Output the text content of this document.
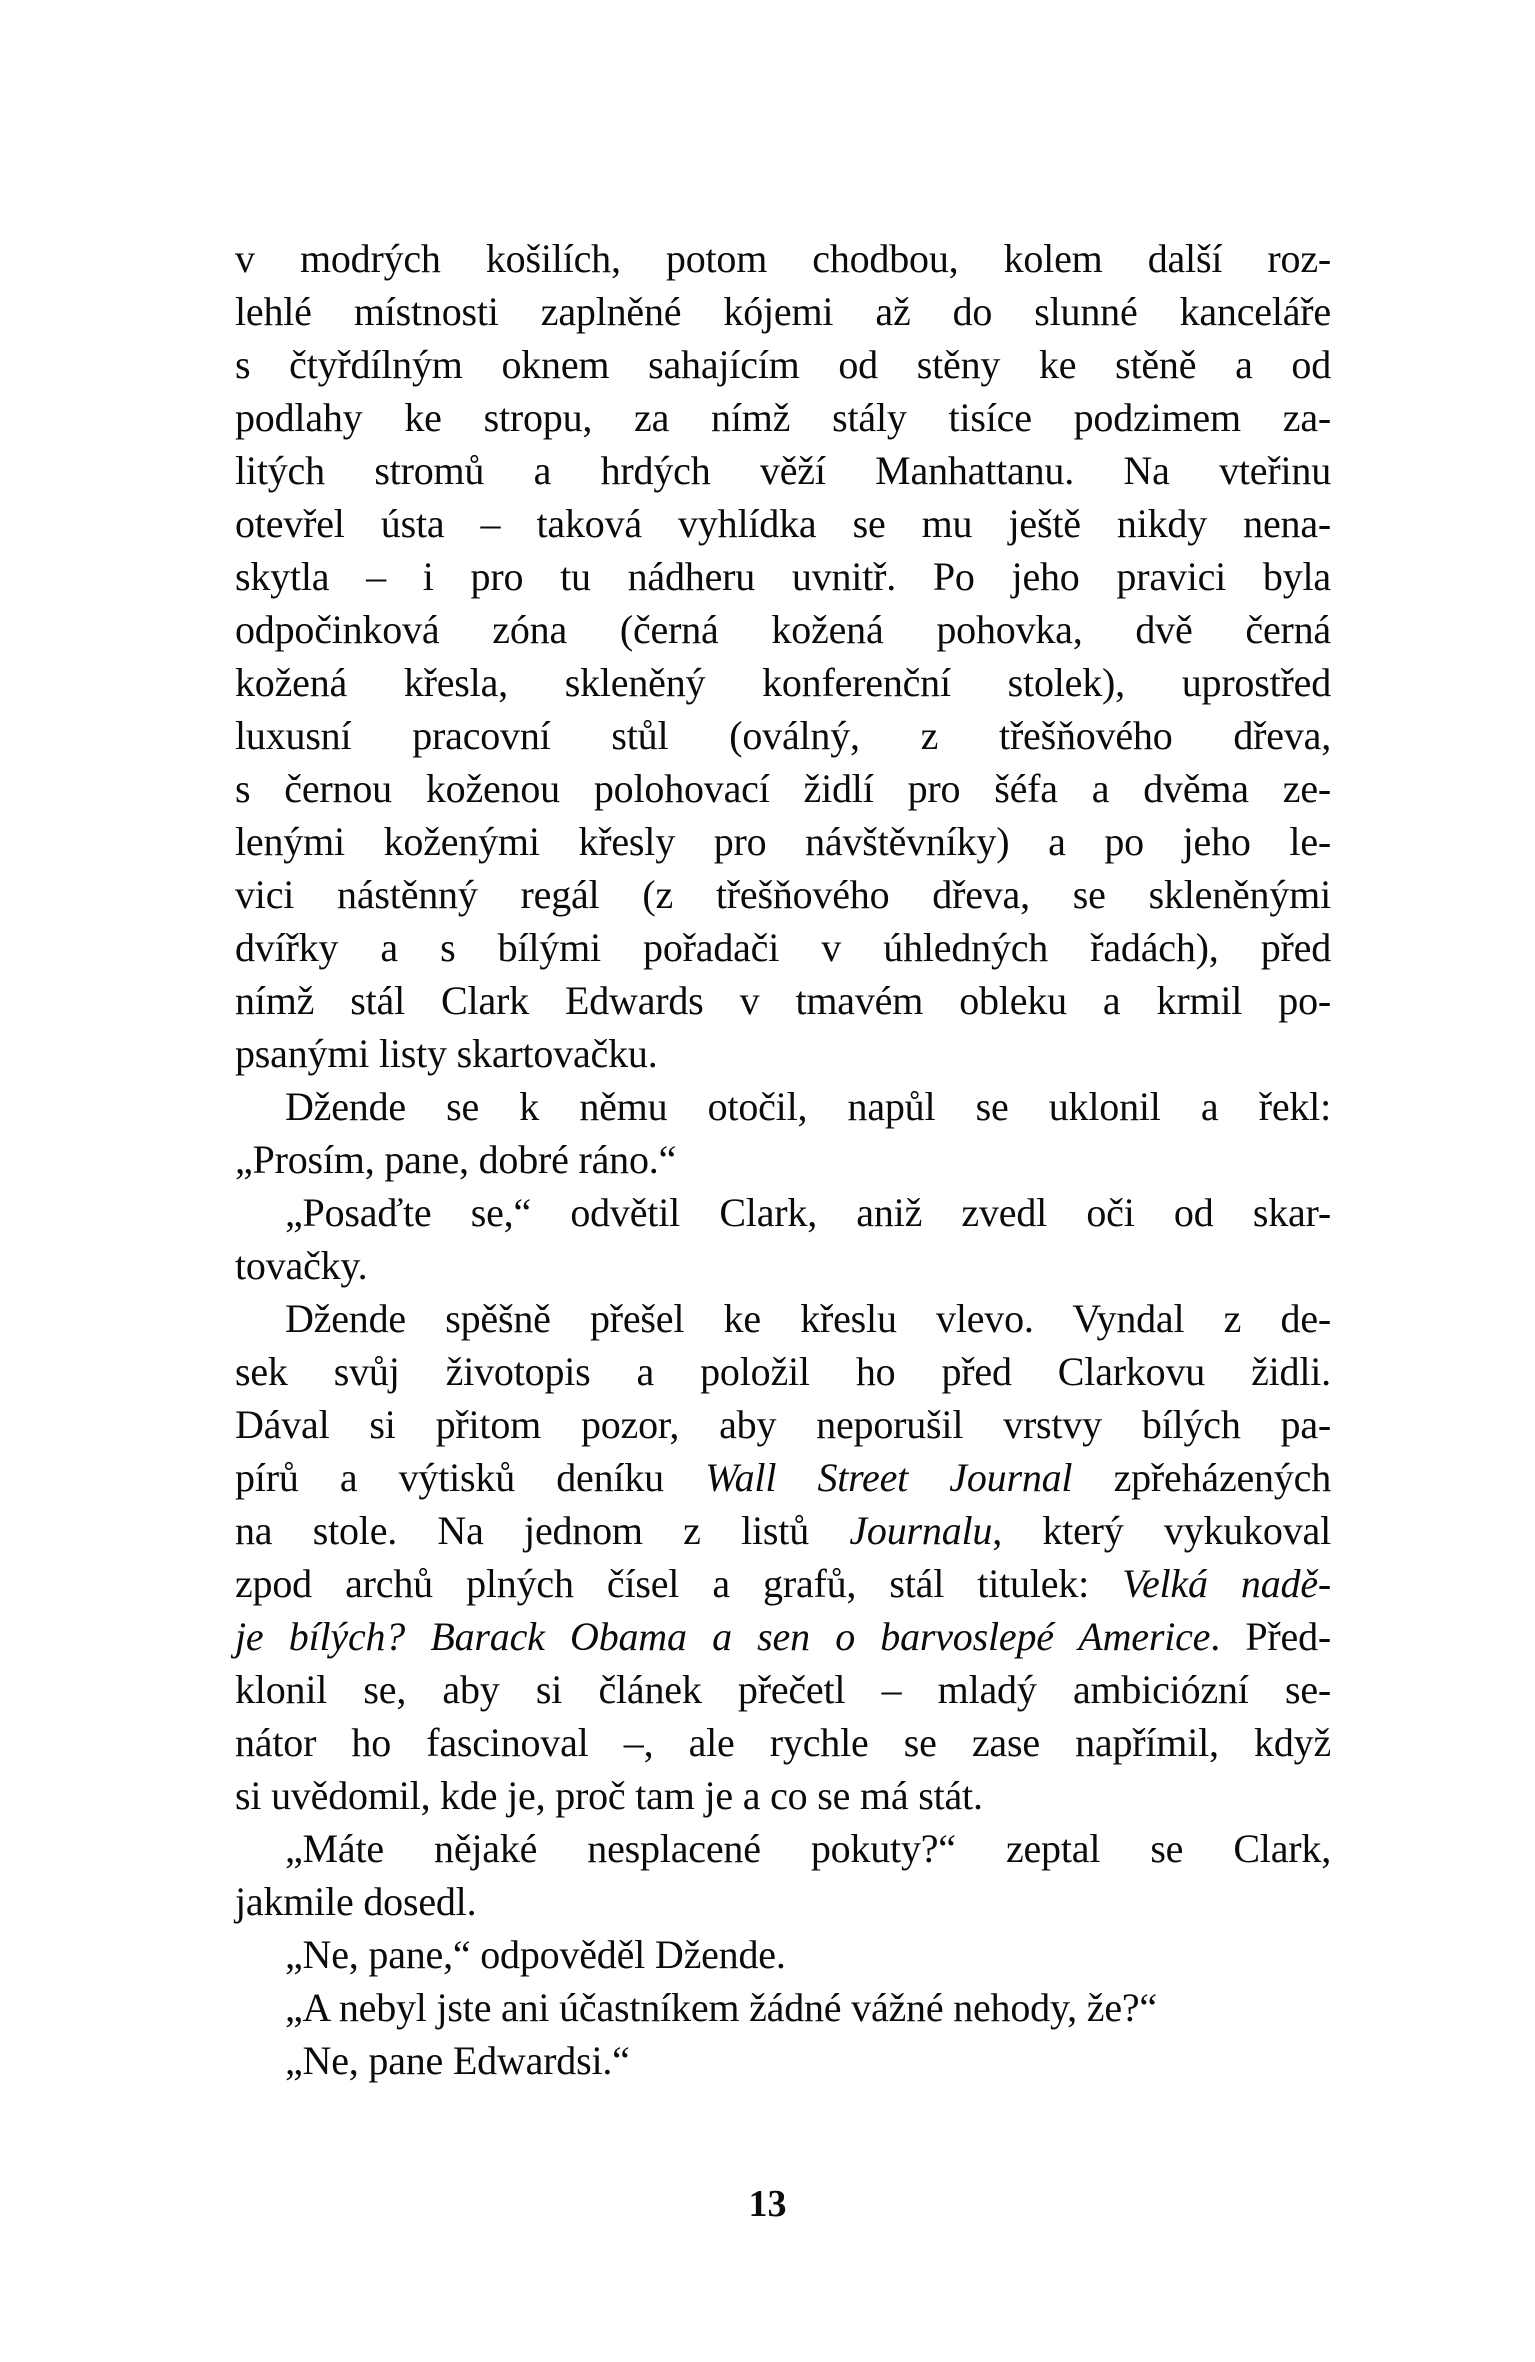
v modrých košilích, potom chodbou, kolem další roz-
lehlé místnosti zaplněné kójemi až do slunné kanceláře
s čtyřdílným oknem sahajícím od stěny ke stěně a od
podlahy ke stropu, za nímž stály tisíce podzimem za-
litých stromů a hrdých věží Manhattanu. Na vteřinu
otevřel ústa – taková vyhlídka se mu ještě nikdy nena-
skytla – i pro tu nádheru uvnitř. Po jeho pravici byla
odpočinková zóna (černá kožená pohovka, dvě černá
kožená křesla, skleněný konferenční stolek), uprostřed
luxusní pracovní stůl (oválný, z třešňového dřeva,
s černou koženou polohovací židlí pro šéfa a dvěma ze-
lenými koženými křesly pro návštěvníky) a po jeho le-
vici nástěnný regál (z třešňového dřeva, se skleněnými
dvířky a s bílými pořadači v úhledných řadách), před
nímž stál Clark Edwards v tmavém obleku a krmil po-
psanými listy skartovačku.
Džende se k němu otočil, napůl se uklonil a řekl:
„Prosím, pane, dobré ráno.“
„Posaďte se,“ odvětil Clark, aniž zvedl oči od skar-
tovačky.
Džende spěšně přešel ke křeslu vlevo. Vyndal z de-
sek svůj životopis a položil ho před Clarkovu židli.
Dával si přitom pozor, aby neporušil vrstvy bílých pa-
pírů a výtisků deníku Wall Street Journal zpřeházených
na stole. Na jednom z listů Journalu, který vykukoval
zpod archů plných čísel a grafů, stál titulek: Velká nadě-
je bílých? Barack Obama a sen o barvoslepé Americe. Před-
klonil se, aby si článek přečetl – mladý ambiciózní se-
nátor ho fascinoval –, ale rychle se zase napřímil, když
si uvědomil, kde je, proč tam je a co se má stát.
„Máte nějaké nesplacené pokuty?“ zeptal se Clark,
jakmile dosedl.
„Ne, pane,“ odpověděl Džende.
„A nebyl jste ani účastníkem žádné vážné nehody, že?“
„Ne, pane Edwardsi.“
13
